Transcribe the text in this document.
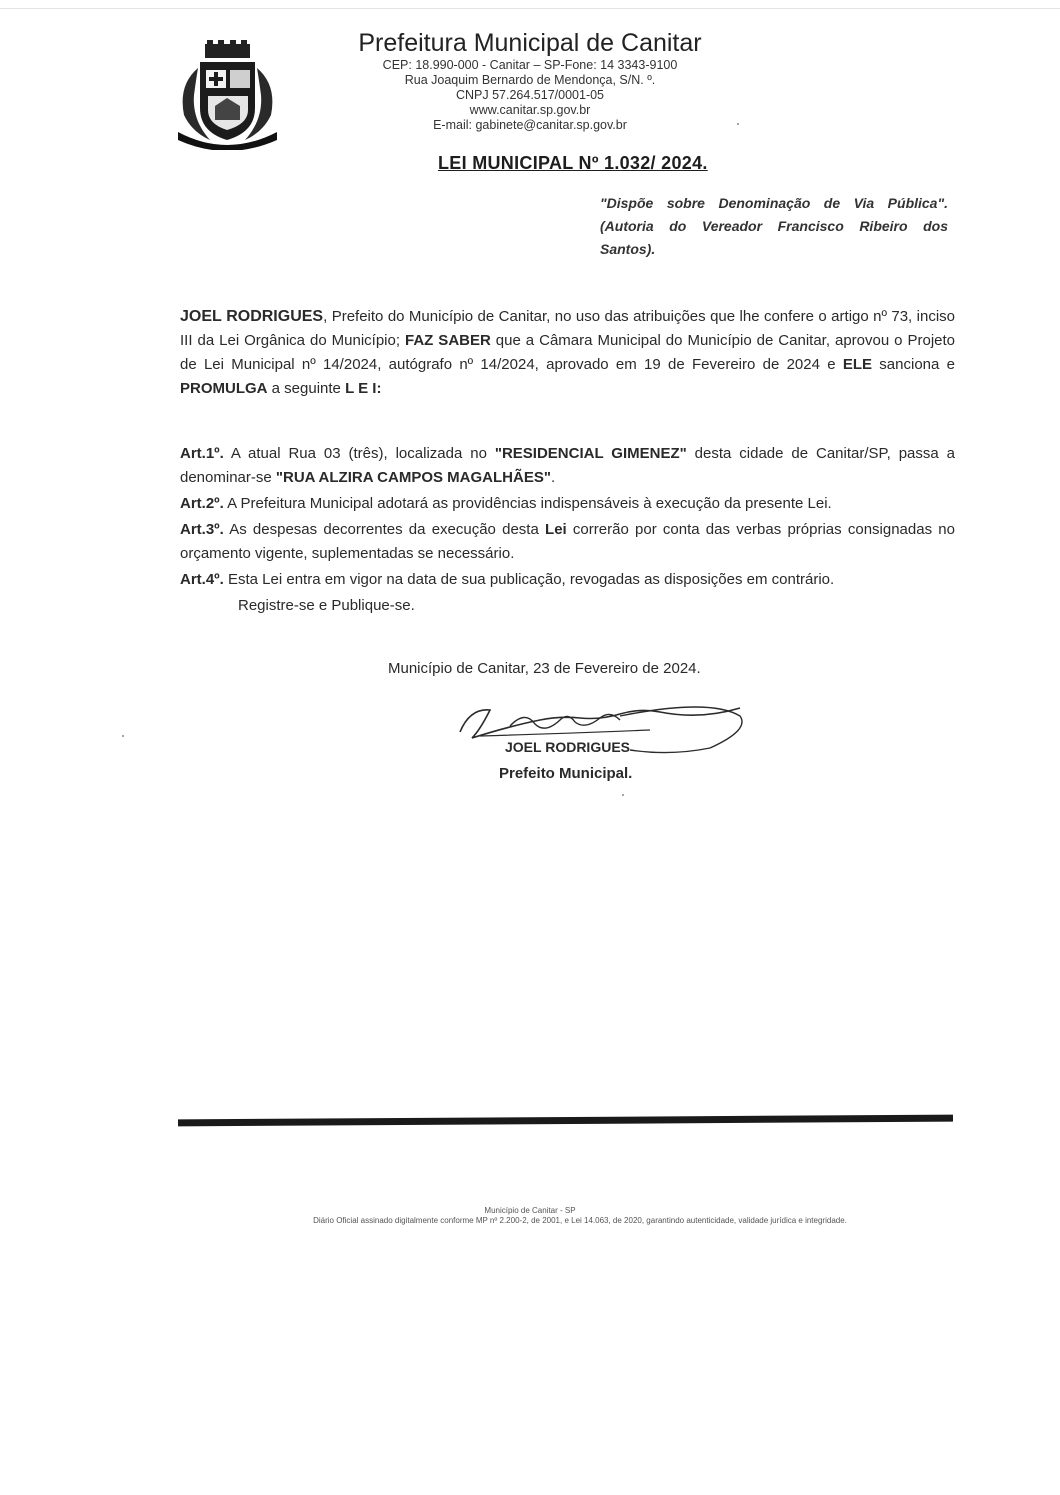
Prefeitura Municipal de Canitar
CEP: 18.990-000 - Canitar – SP-Fone: 14 3343-9100
Rua Joaquim Bernardo de Mendonça, S/N. º.
CNPJ 57.264.517/0001-05
www.canitar.sp.gov.br
E-mail: gabinete@canitar.sp.gov.br
LEI MUNICIPAL Nº 1.032/ 2024.
"Dispõe sobre Denominação de Via Pública".(Autoria do Vereador Francisco Ribeiro dos Santos).
JOEL RODRIGUES, Prefeito do Município de Canitar, no uso das atribuições que lhe confere o artigo nº 73, inciso III da Lei Orgânica do Município; FAZ SABER que a Câmara Municipal do Município de Canitar, aprovou o Projeto de Lei Municipal nº 14/2024, autógrafo nº 14/2024, aprovado em 19 de Fevereiro de 2024 e ELE sanciona e PROMULGA a seguinte L E I:
Art.1º. A atual Rua 03 (três), localizada no "RESIDENCIAL GIMENEZ" desta cidade de Canitar/SP, passa a denominar-se "RUA ALZIRA CAMPOS MAGALHÃES".
Art.2º. A Prefeitura Municipal adotará as providências indispensáveis à execução da presente Lei.
Art.3º. As despesas decorrentes da execução desta Lei correrão por conta das verbas próprias consignadas no orçamento vigente, suplementadas se necessário.
Art.4º. Esta Lei entra em vigor na data de sua publicação, revogadas as disposições em contrário.
Registre-se e Publique-se.
Município de Canitar, 23 de Fevereiro de 2024.
JOEL RODRIGUES
Prefeito Municipal.
Município de Canitar - SP
Diário Oficial assinado digitalmente conforme MP nº 2.200-2, de 2001, e Lei 14.063, de 2020, garantindo autenticidade, validade jurídica e integridade.
